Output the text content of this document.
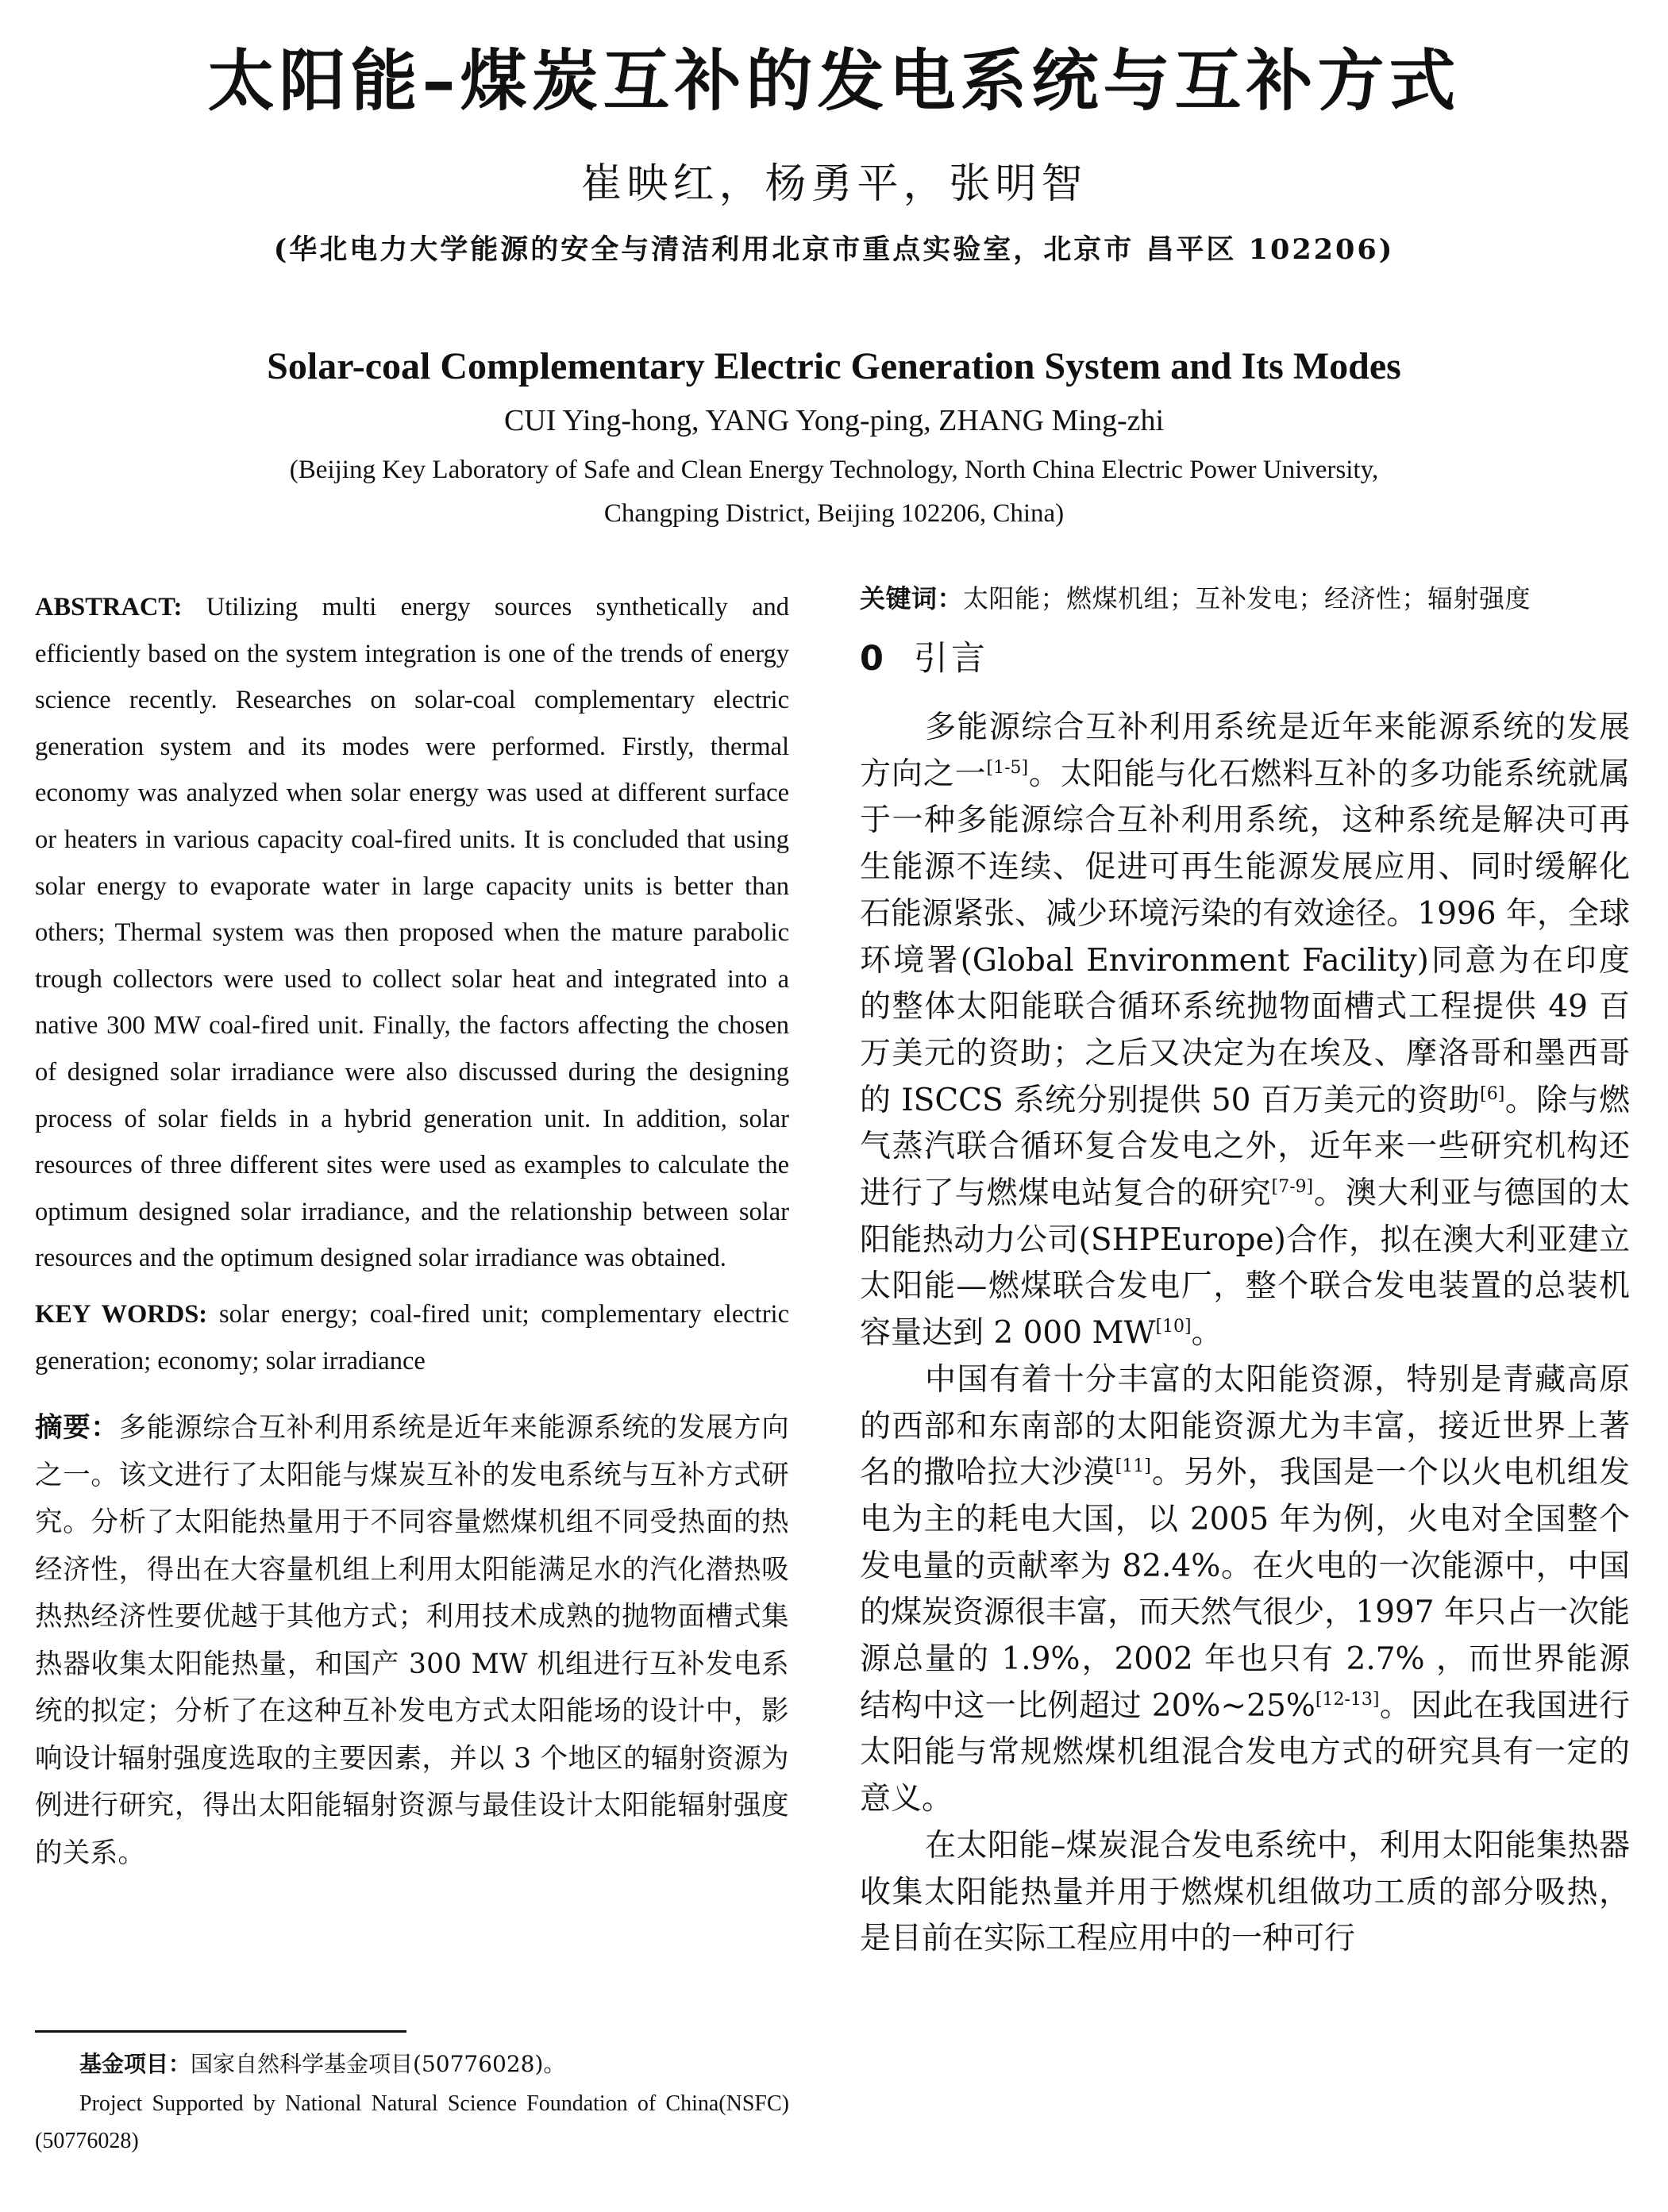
太阳能–煤炭互补的发电系统与互补方式
崔映红，杨勇平，张明智
(华北电力大学能源的安全与清洁利用北京市重点实验室，北京市 昌平区 102206)
Solar-coal Complementary Electric Generation System and Its Modes
CUI Ying-hong, YANG Yong-ping, ZHANG Ming-zhi
(Beijing Key Laboratory of Safe and Clean Energy Technology, North China Electric Power University,
Changping District, Beijing 102206, China)

ABSTRACT: Utilizing multi energy sources synthetically and efficiently based on the system integration is one of the trends of energy science recently. Researches on solar-coal complementary electric generation system and its modes were performed. Firstly, thermal economy was analyzed when solar energy was used at different surface or heaters in various capacity coal-fired units. It is concluded that using solar energy to evaporate water in large capacity units is better than others; Thermal system was then proposed when the mature parabolic trough collectors were used to collect solar heat and integrated into a native 300 MW coal-fired unit. Finally, the factors affecting the chosen of designed solar irradiance were also discussed during the designing process of solar fields in a hybrid generation unit. In addition, solar resources of three different sites were used as examples to calculate the optimum designed solar irradiance, and the relationship between solar resources and the optimum designed solar irradiance was obtained.

KEY WORDS: solar energy; coal-fired unit; complementary electric generation; economy; solar irradiance

摘要：多能源综合互补利用系统是近年来能源系统的发展方向之一。该文进行了太阳能与煤炭互补的发电系统与互补方式研究。分析了太阳能热量用于不同容量燃煤机组不同受热面的热经济性，得出在大容量机组上利用太阳能满足水的汽化潜热吸热热经济性要优越于其他方式；利用技术成熟的抛物面槽式集热器收集太阳能热量，和国产 300 MW 机组进行互补发电系统的拟定；分析了在这种互补发电方式太阳能场的设计中，影响设计辐射强度选取的主要因素，并以 3 个地区的辐射资源为例进行研究，得出太阳能辐射资源与最佳设计太阳能辐射强度的关系。
基金项目：国家自然科学基金项目(50776028)。
Project Supported by National Natural Science Foundation of China(NSFC)(50776028)
关键词：太阳能；燃煤机组；互补发电；经济性；辐射强度
0 引言

多能源综合互补利用系统是近年来能源系统的发展方向之一[1-5]。太阳能与化石燃料互补的多功能系统就属于一种多能源综合互补利用系统，这种系统是解决可再生能源不连续、促进可再生能源发展应用、同时缓解化石能源紧张、减少环境污染的有效途径。1996 年，全球环境署(Global Environment Facility)同意为在印度的整体太阳能联合循环系统抛物面槽式工程提供 49 百万美元的资助；之后又决定为在埃及、摩洛哥和墨西哥的 ISCCS 系统分别提供 50 百万美元的资助[6]。除与燃气蒸汽联合循环复合发电之外，近年来一些研究机构还进行了与燃煤电站复合的研究[7-9]。澳大利亚与德国的太阳能热动力公司(SHPEurope)合作，拟在澳大利亚建立太阳能—燃煤联合发电厂，整个联合发电装置的总装机容量达到 2 000 MW[10]。

中国有着十分丰富的太阳能资源，特别是青藏高原的西部和东南部的太阳能资源尤为丰富，接近世界上著名的撒哈拉大沙漠[11]。另外，我国是一个以火电机组发电为主的耗电大国，以 2005 年为例，火电对全国整个发电量的贡献率为 82.4%。在火电的一次能源中，中国的煤炭资源很丰富，而天然气很少，1997 年只占一次能源总量的 1.9%，2002 年也只有 2.7% ，而世界能源结构中这一比例超过 20%~25%[12-13]。因此在我国进行太阳能与常规燃煤机组混合发电方式的研究具有一定的意义。

在太阳能–煤炭混合发电系统中，利用太阳能集热器收集太阳能热量并用于燃煤机组做功工质的部分吸热，是目前在实际工程应用中的一种可行
